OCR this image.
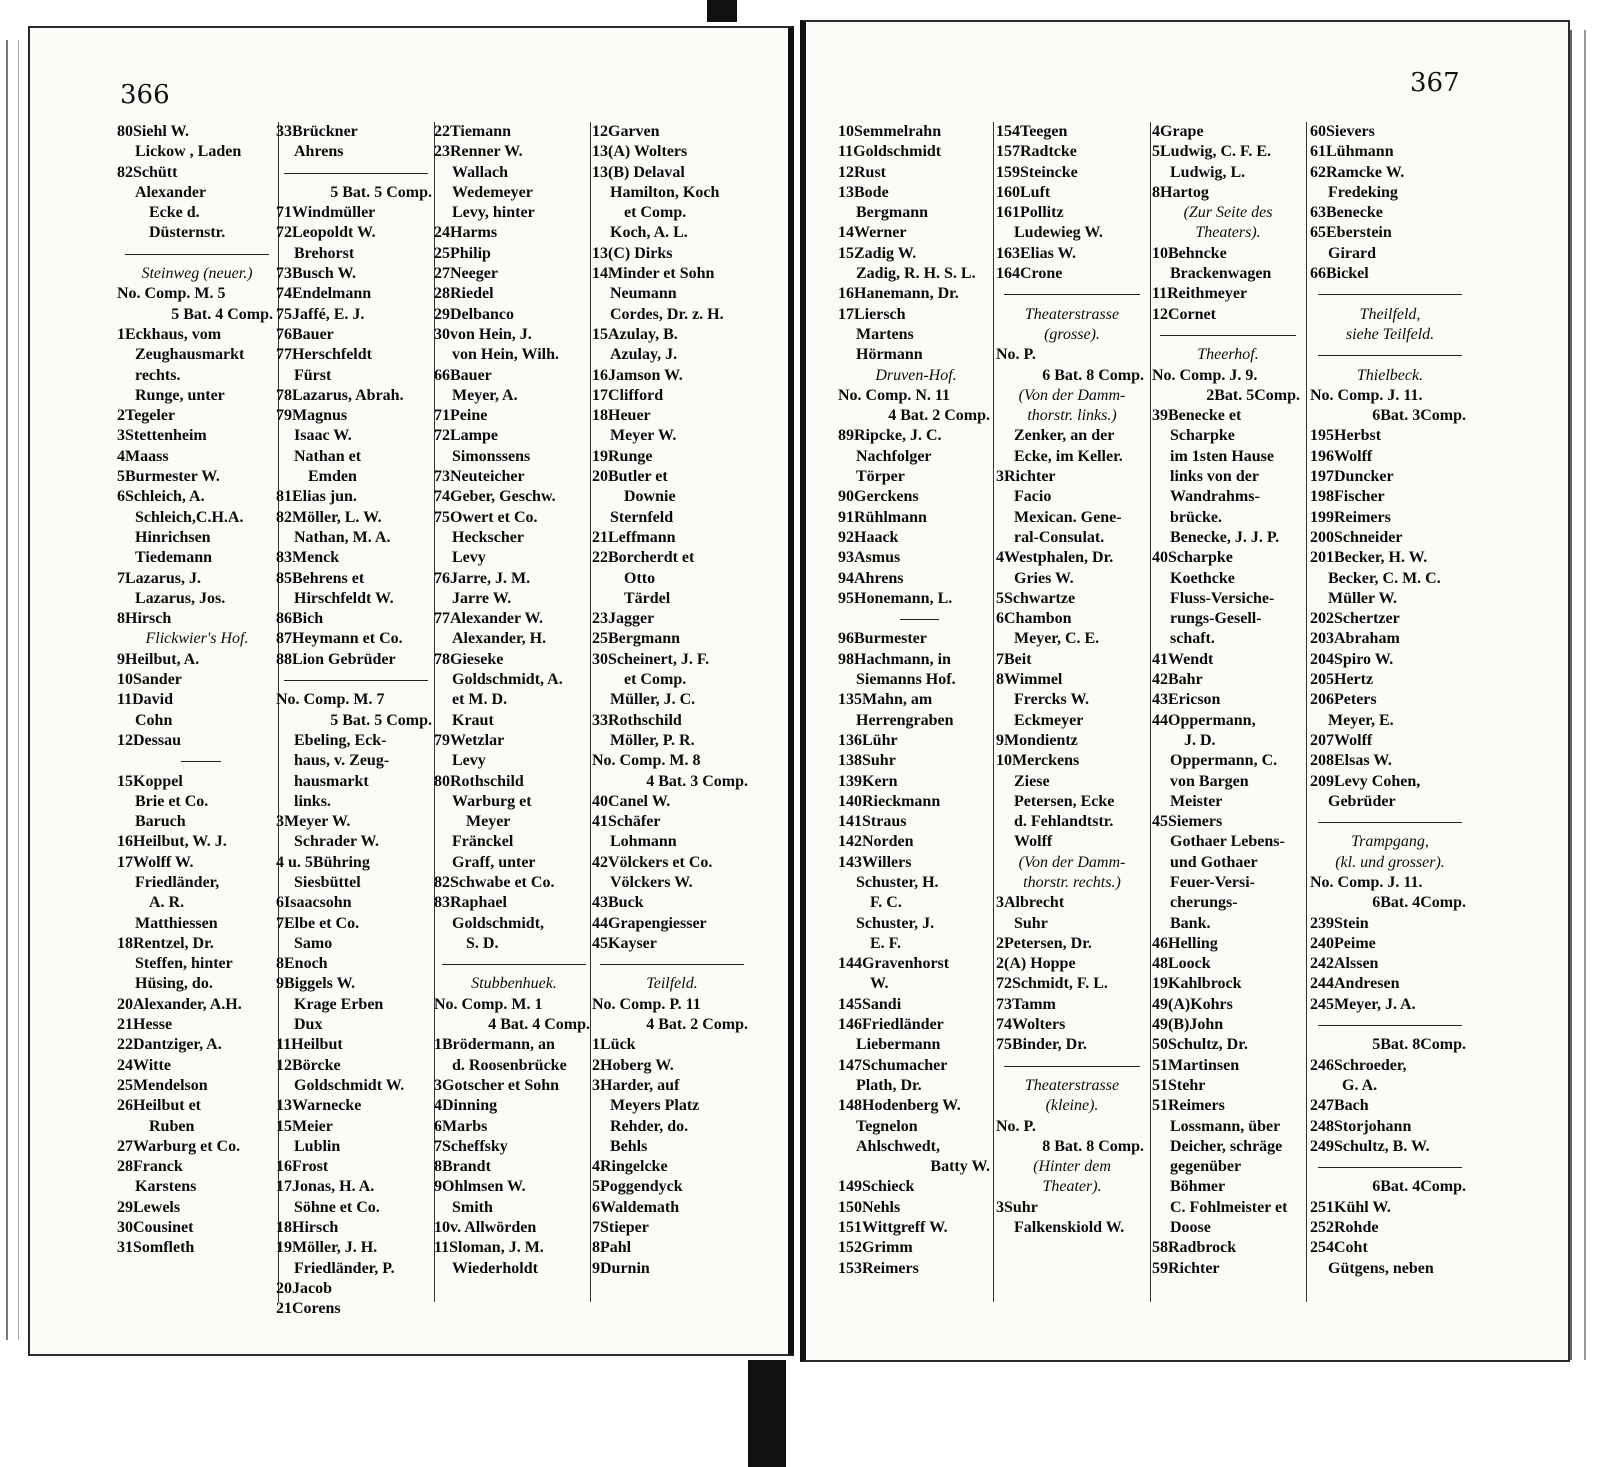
366	367
80Siehl W.
Lickow , Laden
82Schütt
Alexander
Ecke d.
Düsternstr.
Steinweg (neuer.)
No. Comp. M. 5
5 Bat. 4 Comp.
1Eckhaus, vom
Zeughausmarkt
rechts.
Runge, unter
2Tegeler
3Stettenheim
4Maass
5Burmester W.
6Schleich, A.
Schleich,C.H.A.
Hinrichsen
Tiedemann
7Lazarus, J.
Lazarus, Jos.
8Hirsch
Flickwier's Hof.
9Heilbut, A.
10Sander
11David
Cohn
12Dessau
15Koppel
Brie et Co.
Baruch
16Heilbut, W. J.
17Wolff W.
Friedländer,
A. R.
Matthiessen
18Rentzel, Dr.
Steffen, hinter
Hüsing, do.
20Alexander, A.H.
21Hesse
22Dantziger, A.
24Witte
25Mendelson
26Heilbut et
Ruben
27Warburg et Co.
28Franck
Karstens
29Lewels
30Cousinet
31Somfleth
33Brückner
Ahrens
5 Bat. 5 Comp.
71Windmüller
72Leopoldt W.
Brehorst
73Busch W.
74Endelmann
75Jaffé, E. J.
76Bauer
77Herschfeldt
Fürst
78Lazarus, Abrah.
79Magnus
Isaac W.
Nathan et
Emden
81Elias jun.
82Möller, L. W.
Nathan, M. A.
83Menck
85Behrens et
Hirschfeldt W.
86Bich
87Heymann et Co.
88Lion Gebrüder
No. Comp. M. 7
5 Bat. 5 Comp.
Ebeling, Eck-
haus, v. Zeug-
hausmarkt
links.
3Meyer W.
Schrader W.
4 u. 5Bühring
Siesbüttel
6Isaacsohn
7Elbe et Co.
Samo
8Enoch
9Biggels W.
Krage Erben
Dux
11Heilbut
12Börcke
Goldschmidt W.
13Warnecke
15Meier
Lublin
16Frost
17Jonas, H. A.
Söhne et Co.
18Hirsch
19Möller, J. H.
Friedländer, P.
20Jacob
21Corens
22Tiemann
23Renner W.
Wallach
Wedemeyer
Levy, hinter
24Harms
25Philip
27Neeger
28Riedel
29Delbanco
30von Hein, J.
von Hein, Wilh.
66Bauer
Meyer, A.
71Peine
72Lampe
Simonssens
73Neuteicher
74Geber, Geschw.
75Owert et Co.
Heckscher
Levy
76Jarre, J. M.
Jarre W.
77Alexander W.
Alexander, H.
78Gieseke
Goldschmidt, A.
et M. D.
Kraut
79Wetzlar
Levy
80Rothschild
Warburg et
Meyer
Fränckel
Graff, unter
82Schwabe et Co.
83Raphael
Goldschmidt,
S. D.
Stubbenhuek.
No. Comp. M. 1
4 Bat. 4 Comp.
1Brödermann, an
d. Roosenbrücke
3Gotscher et Sohn
4Dinning
6Marbs
7Scheffsky
8Brandt
9Ohlmsen W.
Smith
10v. Allwörden
11Sloman, J. M.
Wiederholdt
12Garven
13(A) Wolters
13(B) Delaval
Hamilton, Koch
et Comp.
Koch, A. L.
13(C) Dirks
14Minder et Sohn
Neumann
Cordes, Dr. z. H.
15Azulay, B.
Azulay, J.
16Jamson W.
17Clifford
18Heuer
Meyer W.
19Runge
20Butler et
Downie
Sternfeld
21Leffmann
22Borcherdt et
Otto
Tärdel
23Jagger
25Bergmann
30Scheinert, J. F.
et Comp.
Müller, J. C.
33Rothschild
Möller, P. R.
No. Comp. M. 8
4 Bat. 3 Comp.
40Canel W.
41Schäfer
Lohmann
42Völckers et Co.
Völckers W.
43Buck
44Grapengiesser
45Kayser
Teilfeld.
No. Comp. P. 11
4 Bat. 2 Comp.
1Lück
2Hoberg W.
3Harder, auf
Meyers Platz
Rehder, do.
Behls
4Ringelcke
5Poggendyck
6Waldemath
7Stieper
8Pahl
9Durnin
10Semmelrahn
11Goldschmidt
12Rust
13Bode
Bergmann
14Werner
15Zadig W.
Zadig, R. H. S. L.
16Hanemann, Dr.
17Liersch
Martens
Hörmann
Druven-Hof.
No. Comp. N. 11
4 Bat. 2 Comp.
89Ripcke, J. C.
Nachfolger
Törper
90Gerckens
91Rühlmann
92Haack
93Asmus
94Ahrens
95Honemann, L.
96Burmester
98Hachmann, in
Siemanns Hof.
135Mahn, am
Herrengraben
136Lühr
138Suhr
139Kern
140Rieckmann
141Straus
142Norden
143Willers
Schuster, H.
F. C.
Schuster, J.
E. F.
144Gravenhorst
W.
145Sandi
146Friedländer
Liebermann
147Schumacher
Plath, Dr.
148Hodenberg W.
Tegnelon
Ahlschwedt,
Batty W.
149Schieck
150Nehls
151Wittgreff W.
152Grimm
153Reimers
154Teegen
157Radtcke
159Steincke
160Luft
161Pollitz
Ludewieg W.
163Elias W.
164Crone
Theaterstrasse
(grosse).
No. P.
6 Bat. 8 Comp.
(Von der Damm-
thorstr. links.)
Zenker, an der
Ecke, im Keller.
3Richter
Facio
Mexican. Gene-
ral-Consulat.
4Westphalen, Dr.
Gries W.
5Schwartze
6Chambon
Meyer, C. E.
7Beit
8Wimmel
Frercks W.
Eckmeyer
9Mondientz
10Merckens
Ziese
Petersen, Ecke
d. Fehlandtstr.
Wolff
(Von der Damm-
thorstr. rechts.)
3Albrecht
Suhr
2Petersen, Dr.
2(A) Hoppe
72Schmidt, F. L.
73Tamm
74Wolters
75Binder, Dr.
Theaterstrasse
(kleine).
No. P.
8 Bat. 8 Comp.
(Hinter dem
Theater).
3Suhr
Falkenskiold W.
4Grape
5Ludwig, C. F. E.
Ludwig, L.
8Hartog
(Zur Seite des
Theaters).
10Behncke
Brackenwagen
11Reithmeyer
12Cornet
Theerhof.
No. Comp. J. 9.
2Bat. 5Comp.
39Benecke et
Scharpke
im 1sten Hause
links von der
Wandrahms-
brücke.
Benecke, J. J. P.
40Scharpke
Koethcke
Fluss-Versiche-
rungs-Gesell-
schaft.
41Wendt
42Bahr
43Ericson
44Oppermann,
J. D.
Oppermann, C.
von Bargen
Meister
45Siemers
Gothaer Lebens-
und Gothaer
Feuer-Versi-
cherungs-
Bank.
46Helling
48Loock
19Kahlbrock
49(A)Kohrs
49(B)John
50Schultz, Dr.
51Martinsen
51Stehr
51Reimers
Lossmann, über
Deicher, schräge
gegenüber
Böhmer
C. Fohlmeister et
Doose
58Radbrock
59Richter
60Sievers
61Lühmann
62Ramcke W.
Fredeking
63Benecke
65Eberstein
Girard
66Bickel
Theilfeld,
siehe Teilfeld.
Thielbeck.
No. Comp. J. 11.
6Bat. 3Comp.
195Herbst
196Wolff
197Duncker
198Fischer
199Reimers
200Schneider
201Becker, H. W.
Becker, C. M. C.
Müller W.
202Schertzer
203Abraham
204Spiro W.
205Hertz
206Peters
Meyer, E.
207Wolff
208Elsas W.
209Levy Cohen,
Gebrüder
Trampgang,
(kl. und grosser).
No. Comp. J. 11.
6Bat. 4Comp.
239Stein
240Peime
242Alssen
244Andresen
245Meyer, J. A.
5Bat. 8Comp.
246Schroeder,
G. A.
247Bach
248Storjohann
249Schultz, B. W.
6Bat. 4Comp.
251Kühl W.
252Rohde
254Coht
Gütgens, neben
